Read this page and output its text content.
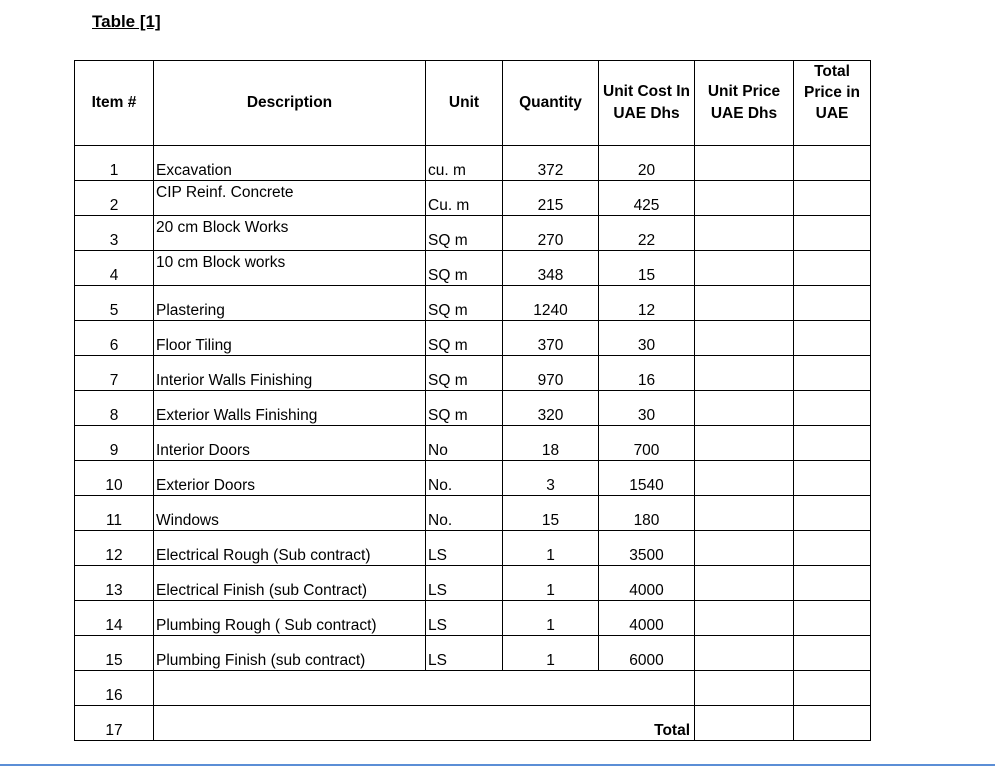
Table [1]
Item #	Description	Unit	Quantity	Unit Cost In UAE Dhs	Unit Price UAE Dhs	Total Price in UAE

1	Excavation	cu. m	372	20		
2	CIP Reinf. Concrete	Cu. m	215	425		
3	20 cm Block Works	SQ m	270	22		
4	10 cm Block works	SQ m	348	15		
5	Plastering	SQ m	1240	12		
6	Floor Tiling	SQ m	370	30		
7	Interior Walls Finishing	SQ m	970	16		
8	Exterior Walls Finishing	SQ m	320	30		
9	Interior Doors	No	18	700		
10	Exterior Doors	No.	3	1540		
11	Windows	No.	15	180		
12	Electrical Rough (Sub contract)	LS	1	3500		
13	Electrical Finish (sub Contract)	LS	1	4000		
14	Plumbing Rough ( Sub contract)	LS	1	4000		
15	Plumbing Finish (sub contract)	LS	1	6000		
16						
17	Total					
